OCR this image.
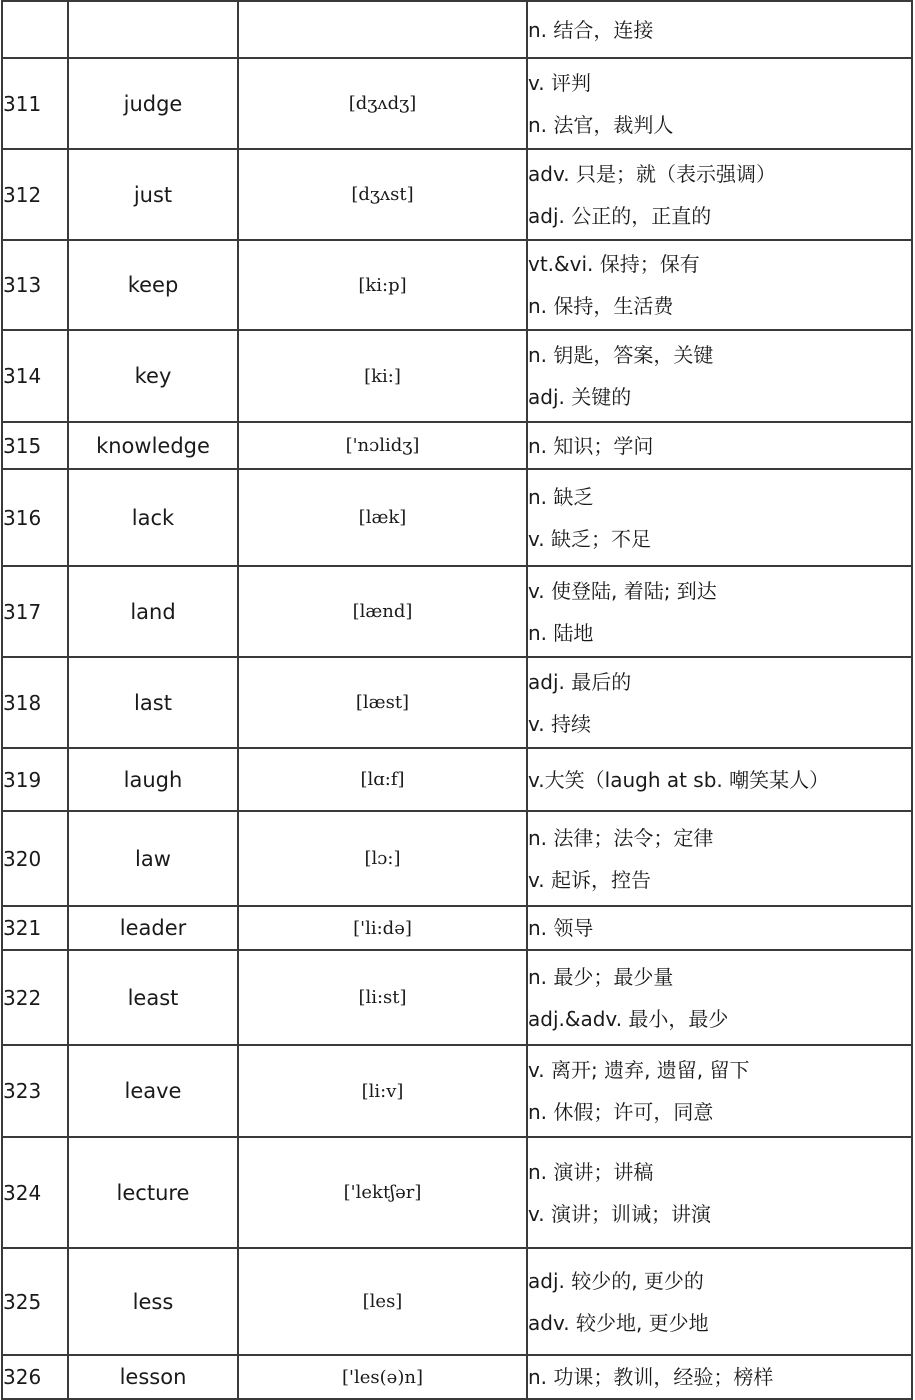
			n. 结合，连接

311	judge	[dʒʌdʒ]	v. 评判
n. 法官，裁判人

312	just	[dʒʌst]	adv. 只是；就（表示强调）
adj. 公正的，正直的

313	keep	[ki:p]	vt.&vi. 保持；保有
n. 保持，生活费

314	key	[ki:]	n. 钥匙，答案，关键
adj. 关键的

315	knowledge	['nɔlidʒ]	n. 知识；学问

316	lack	[læk]	n. 缺乏
v. 缺乏；不足

317	land	[lænd]	v. 使登陆, 着陆; 到达
n. 陆地

318	last	[læst]	adj. 最后的
v. 持续

319	laugh	[lɑ:f]	v.大笑（laugh at sb. 嘲笑某人）

320	law	[lɔ:]	n. 法律；法令；定律
v. 起诉，控告

321	leader	['li:də]	n. 领导

322	least	[li:st]	n. 最少；最少量
adj.&adv. 最小，最少

323	leave	[li:v]	v. 离开; 遗弃, 遗留, 留下
n. 休假；许可，同意

324	lecture	['lektʃər]	n. 演讲；讲稿
v. 演讲；训诫；讲演

325	less	[les]	adj. 较少的, 更少的
adv. 较少地, 更少地

326	lesson	['les(ə)n]	n. 功课；教训，经验；榜样
